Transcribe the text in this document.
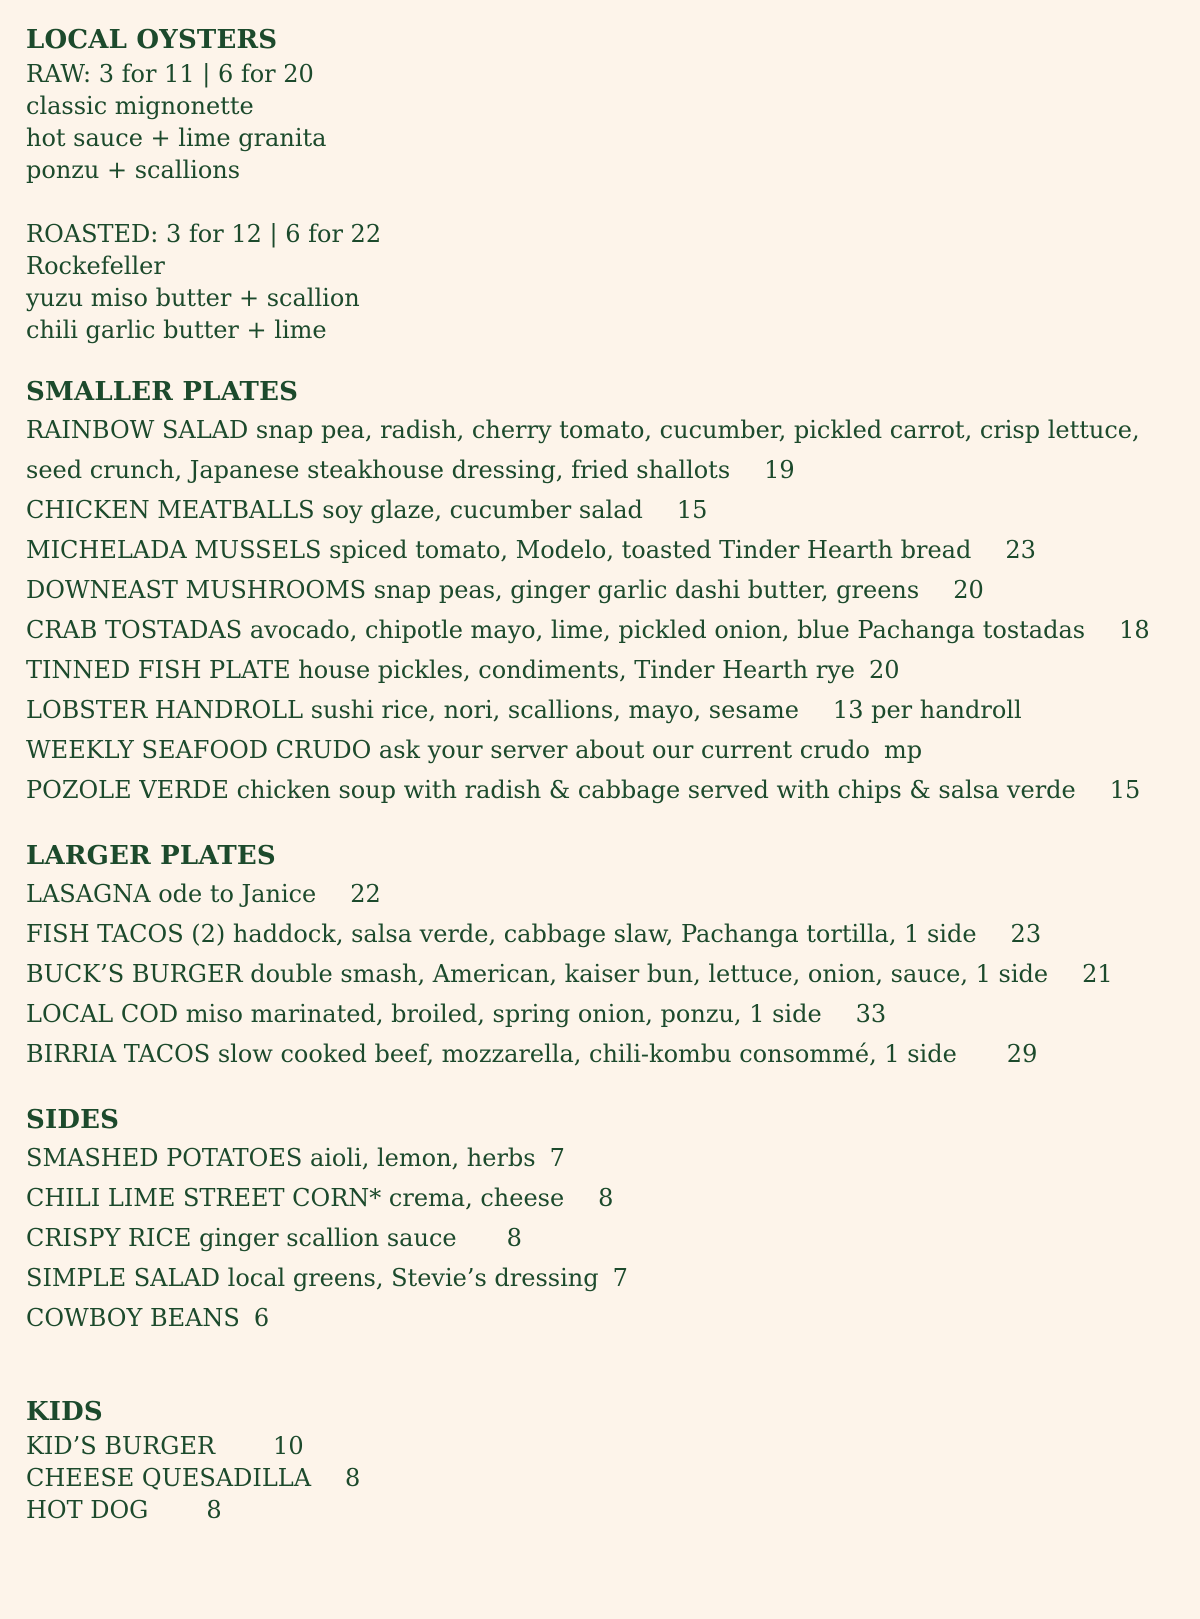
LOCAL OYSTERS
RAW: 3 for 11 | 6 for 20
classic mignonette
hot sauce + lime granita
ponzu + scallions
ROASTED: 3 for 12 | 6 for 22
Rockefeller
yuzu miso butter + scallion
chili garlic butter + lime
SMALLER PLATES
RAINBOW SALAD snap pea, radish, cherry tomato, cucumber, pickled carrot, crisp lettuce, seed crunch, Japanese steakhouse dressing, fried shallots 19
CHICKEN MEATBALLS soy glaze, cucumber salad 15
MICHELADA MUSSELS spiced tomato, Modelo, toasted Tinder Hearth bread 23
DOWNEAST MUSHROOMS snap peas, ginger garlic dashi butter, greens 20
CRAB TOSTADAS avocado, chipotle mayo, lime, pickled onion, blue Pachanga tostadas 18
TINNED FISH PLATE house pickles, condiments, Tinder Hearth rye 20
LOBSTER HANDROLL sushi rice, nori, scallions, mayo, sesame 13 per handroll
WEEKLY SEAFOOD CRUDO ask your server about our current crudo mp
POZOLE VERDE chicken soup with radish & cabbage served with chips & salsa verde 15
LARGER PLATES
LASAGNA ode to Janice 22
FISH TACOS (2) haddock, salsa verde, cabbage slaw, Pachanga tortilla, 1 side 23
BUCK’S BURGER double smash, American, kaiser bun, lettuce, onion, sauce, 1 side 21
LOCAL COD miso marinated, broiled, spring onion, ponzu, 1 side 33
BIRRIA TACOS slow cooked beef, mozzarella, chili-kombu consommé, 1 side 29
SIDES
SMASHED POTATOES aioli, lemon, herbs 7
CHILI LIME STREET CORN* crema, cheese 8
CRISPY RICE ginger scallion sauce 8
SIMPLE SALAD local greens, Stevie’s dressing 7
COWBOY BEANS 6
KIDS
KID’S BURGER 10
CHEESE QUESADILLA 8
HOT DOG 8
